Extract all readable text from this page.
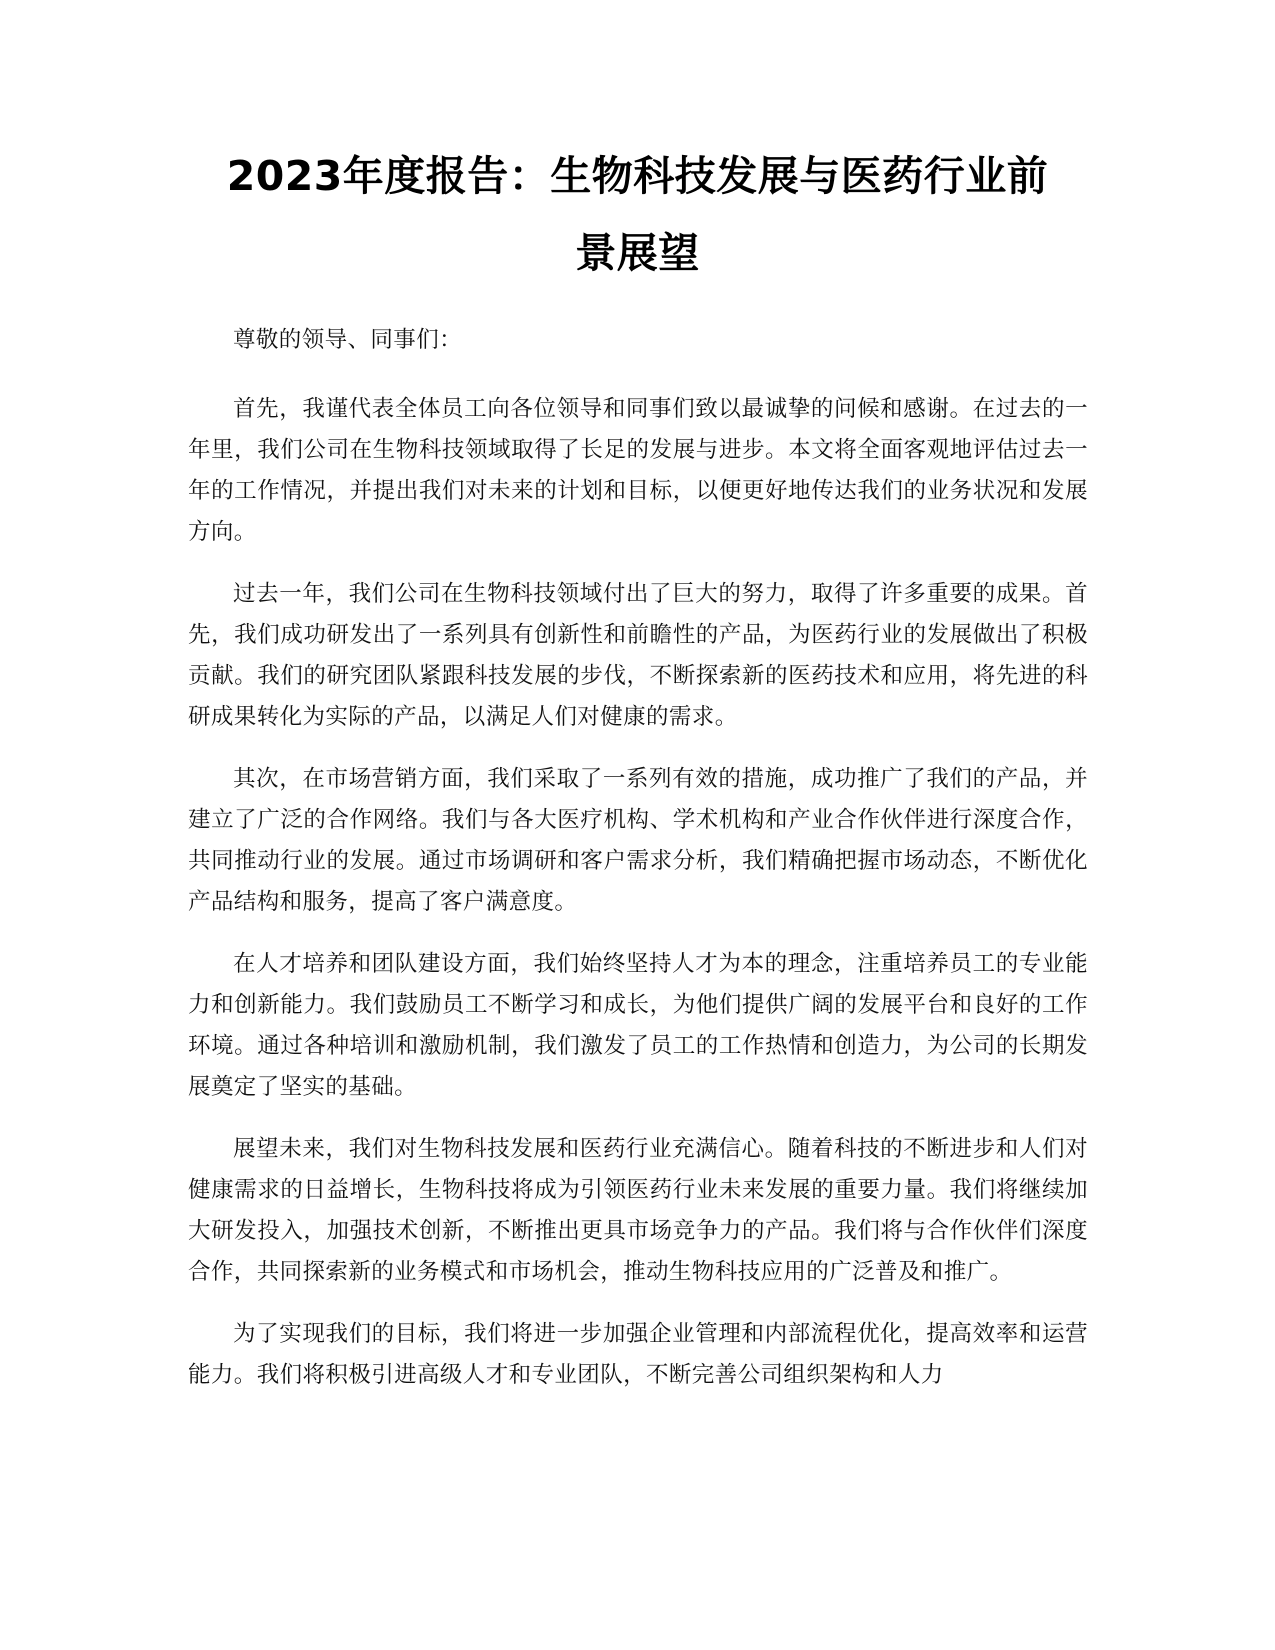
2023年度报告：生物科技发展与医药行业前
景展望

尊敬的领导、同事们：

首先，我谨代表全体员工向各位领导和同事们致以最诚挚的问候和感谢。在过去的一年里，我们公司在生物科技领域取得了长足的发展与进步。本文将全面客观地评估过去一年的工作情况，并提出我们对未来的计划和目标，以便更好地传达我们的业务状况和发展方向。

过去一年，我们公司在生物科技领域付出了巨大的努力，取得了许多重要的成果。首先，我们成功研发出了一系列具有创新性和前瞻性的产品，为医药行业的发展做出了积极贡献。我们的研究团队紧跟科技发展的步伐，不断探索新的医药技术和应用，将先进的科研成果转化为实际的产品，以满足人们对健康的需求。

其次，在市场营销方面，我们采取了一系列有效的措施，成功推广了我们的产品，并建立了广泛的合作网络。我们与各大医疗机构、学术机构和产业合作伙伴进行深度合作，共同推动行业的发展。通过市场调研和客户需求分析，我们精确把握市场动态，不断优化产品结构和服务，提高了客户满意度。

在人才培养和团队建设方面，我们始终坚持人才为本的理念，注重培养员工的专业能力和创新能力。我们鼓励员工不断学习和成长，为他们提供广阔的发展平台和良好的工作环境。通过各种培训和激励机制，我们激发了员工的工作热情和创造力，为公司的长期发展奠定了坚实的基础。

展望未来，我们对生物科技发展和医药行业充满信心。随着科技的不断进步和人们对健康需求的日益增长，生物科技将成为引领医药行业未来发展的重要力量。我们将继续加大研发投入，加强技术创新，不断推出更具市场竞争力的产品。我们将与合作伙伴们深度合作，共同探索新的业务模式和市场机会，推动生物科技应用的广泛普及和推广。

为了实现我们的目标，我们将进一步加强企业管理和内部流程优化，提高效率和运营能力。我们将积极引进高级人才和专业团队，不断完善公司组织架构和人力
